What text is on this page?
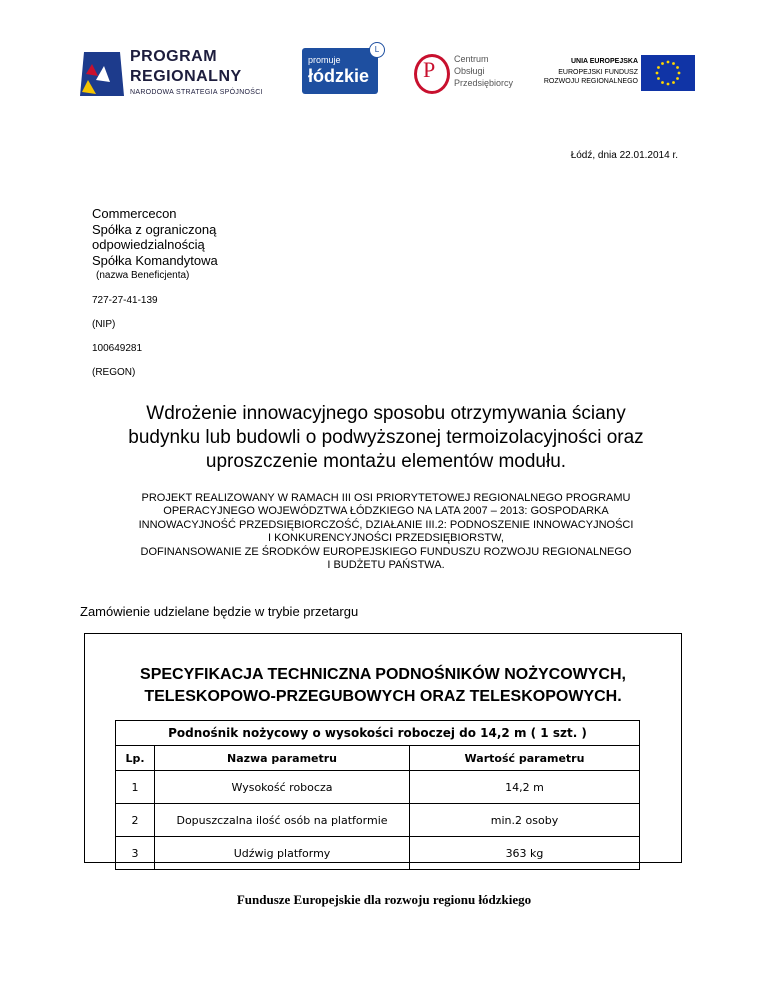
PROGRAM
REGIONALNY
NARODOWA STRATEGIA SPÓJNOŚCI
promuje
łódzkie
L
P Centrum
Obsługi
Przedsiębiorcy
UNIA EUROPEJSKA
EUROPEJSKI FUNDUSZ
ROZWOJU REGIONALNEGO
Łódź, dnia 22.01.2014 r.
Commercecon
Spółka z ograniczoną
odpowiedzialnością
Spółka Komandytowa
(nazwa Beneficjenta)
727-27-41-139
(NIP)
100649281
(REGON)
Wdrożenie innowacyjnego sposobu otrzymywania ściany
budynku lub budowli o podwyższonej termoizolacyjności oraz
uproszczenie montażu elementów modułu.
PROJEKT REALIZOWANY W RAMACH III OSI PRIORYTETOWEJ REGIONALNEGO PROGRAMU
OPERACYJNEGO WOJEWÓDZTWA ŁÓDZKIEGO NA LATA 2007 – 2013: GOSPODARKA
INNOWACYJNOŚĆ PRZEDSIĘBIORCZOŚĆ, DZIAŁANIE III.2: PODNOSZENIE INNOWACYJNOŚCI
I KONKURENCYJNOŚCI PRZEDSIĘBIORSTW,
DOFINANSOWANIE ZE ŚRODKÓW EUROPEJSKIEGO FUNDUSZU ROZWOJU REGIONALNEGO
I BUDŻETU PAŃSTWA.
Zamówienie udzielane będzie w trybie przetargu
SPECYFIKACJA TECHNICZNA PODNOŚNIKÓW NOŻYCOWYCH,
TELESKOPOWO-PRZEGUBOWYCH ORAZ TELESKOPOWYCH.
Podnośnik nożycowy o wysokości roboczej do 14,2 m ( 1 szt. )		
Lp.	Nazwa parametru	Wartość parametru
1	Wysokość robocza	14,2 m
2	Dopuszczalna ilość osób na platformie	min.2 osoby
3	Udźwig platformy	363 kg
Fundusze Europejskie dla rozwoju regionu łódzkiego
